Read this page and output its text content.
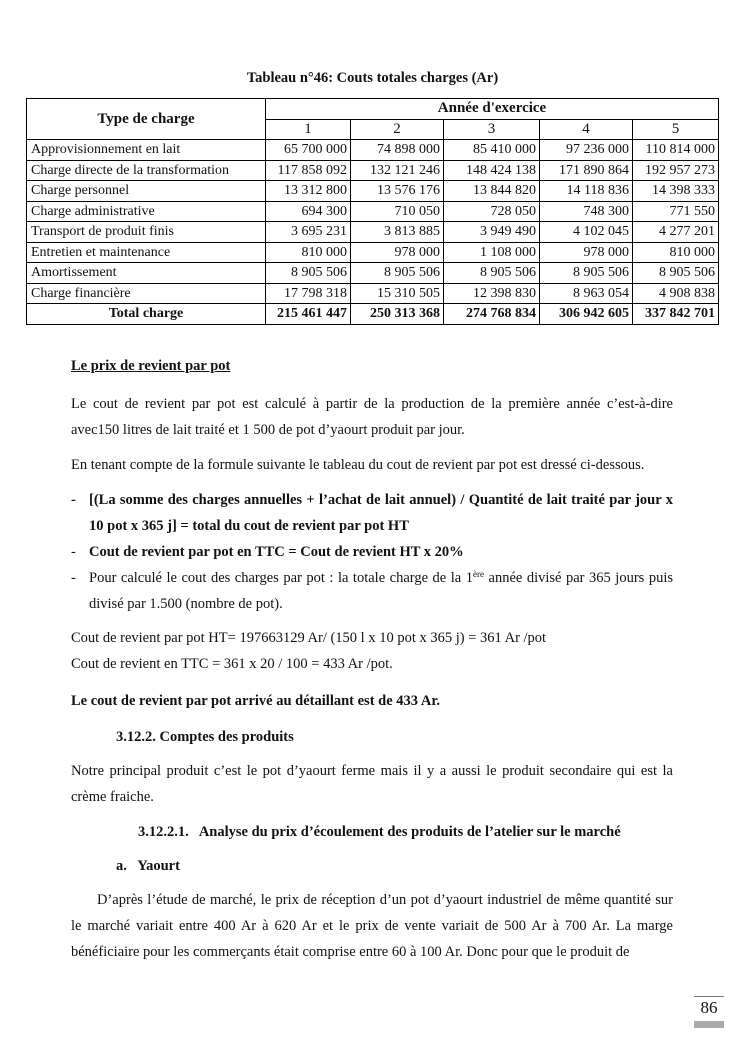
Tableau n°46: Couts totales charges (Ar)
Type de charge	Année d'exercice				
	1	2	3	4	5
Approvisionnement en lait	65 700 000	74 898 000	85 410 000	97 236 000	110 814 000
Charge directe de la transformation	117 858 092	132 121 246	148 424 138	171 890 864	192 957 273
Charge personnel	13 312 800	13 576 176	13 844 820	14 118 836	14 398 333
Charge administrative	694 300	710 050	728 050	748 300	771 550
Transport de produit finis	3 695 231	3 813 885	3 949 490	4 102 045	4 277 201
Entretien et maintenance	810 000	978 000	1 108 000	978 000	810 000
Amortissement	8 905 506	8 905 506	8 905 506	8 905 506	8 905 506
Charge financière	17 798 318	15 310 505	12 398 830	8 963 054	4 908 838
Total charge	215 461 447	250 313 368	274 768 834	306 942 605	337 842 701
Le prix de revient par pot
Le cout de revient par pot est calculé à partir de la production de la première année c’est-à-dire avec150 litres de lait traité et 1 500 de pot d’yaourt produit par jour.
En tenant compte de la formule suivante le tableau du cout de revient par pot est dressé ci-dessous.
- [(La somme des charges annuelles + l’achat de lait annuel) / Quantité de lait traité par jour x 10 pot x 365 j] = total du cout de revient par pot HT
- Cout de revient par pot en TTC = Cout de revient HT x 20%
- Pour calculé le cout des charges par pot : la totale charge de la 1ère année divisé par 365 jours puis divisé par 1.500 (nombre de pot).
Cout de revient par pot HT= 197663129 Ar/ (150 l x 10 pot x 365 j) = 361 Ar /pot
Cout de revient en TTC = 361 x 20 / 100 = 433 Ar /pot.
Le cout de revient par pot arrivé au détaillant est de 433 Ar.
3.12.2. Comptes des produits
Notre principal produit c’est le pot d’yaourt ferme mais il y a aussi le produit secondaire qui est la crème fraiche.
3.12.2.1.   Analyse du prix d’écoulement des produits de l’atelier sur le marché
a.   Yaourt
D’après l’étude de marché, le prix de réception d’un pot d’yaourt industriel de même quantité sur le marché variait entre 400 Ar à 620 Ar et le prix de vente variait de 500 Ar à 700 Ar. La marge bénéficiaire pour les commerçants était comprise entre 60 à 100 Ar. Donc pour que le produit de
86
